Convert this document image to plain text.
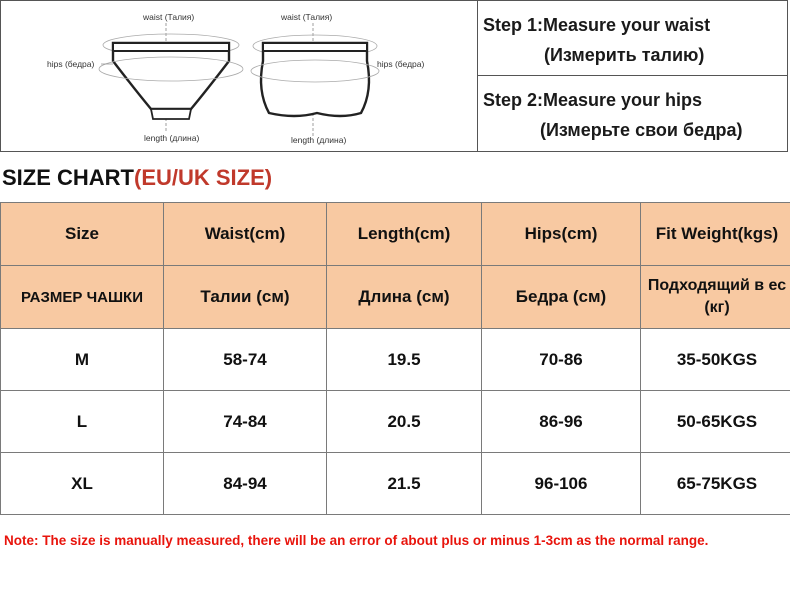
waist (Талия)
hips (бедра)
length (длина)
waist (Талия)
hips (бедра)
length (длина)
Step 1:Measure your waist
(Измерить талию)
Step 2:Measure your hips
(Измерьте свои бедра)
SIZE CHART(EU/UK SIZE)
Size	Waist(cm)	Length(cm)	Hips(cm)	Fit Weight(kgs)
РАЗМЕР ЧАШКИ	Талии (см)	Длина (см)	Бедра (см)	Подходящий в ес (кг)
M	58-74	19.5	70-86	35-50KGS
L	74-84	20.5	86-96	50-65KGS
XL	84-94	21.5	96-106	65-75KGS
Note: The size is manually measured, there will be an error of about plus or minus 1-3cm as the normal range.
